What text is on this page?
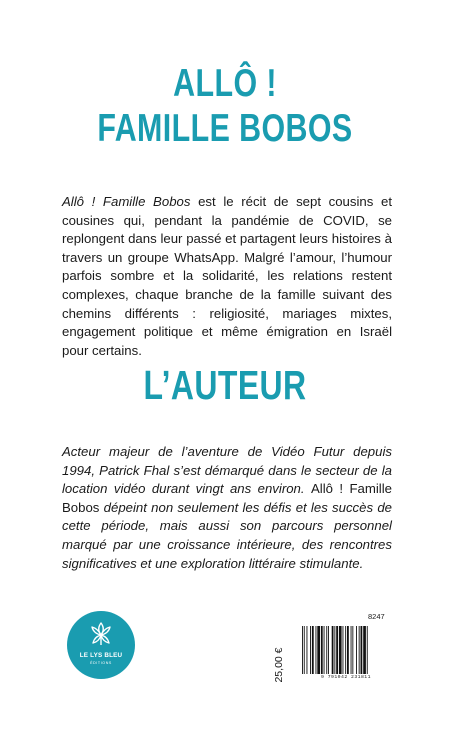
ALLÔ !
FAMILLE BOBOS

Allô ! Famille Bobos est le récit de sept cousins et cousines qui, pendant la pandémie de COVID, se replongent dans leur passé et partagent leurs histoires à travers un groupe WhatsApp. Malgré l’amour, l’humour parfois sombre et la solidarité, les relations restent complexes, chaque branche de la famille suivant des chemins différents : religiosité, mariages mixtes, engagement politique et même émigration en Israël pour certains.

L’AUTEUR

Acteur majeur de l’aventure de Vidéo Futur depuis 1994, Patrick Fhal s’est démarqué dans le secteur de la location vidéo durant vingt ans environ. Allô ! Famille Bobos dépeint non seulement les défis et les succès de cette période, mais aussi son parcours personnel marqué par une croissance intérieure, des rencontres significatives et une exploration littéraire stimulante.

LE LYS BLEU
ÉDITIONS
8247
25,00 €	9 791042 231811
